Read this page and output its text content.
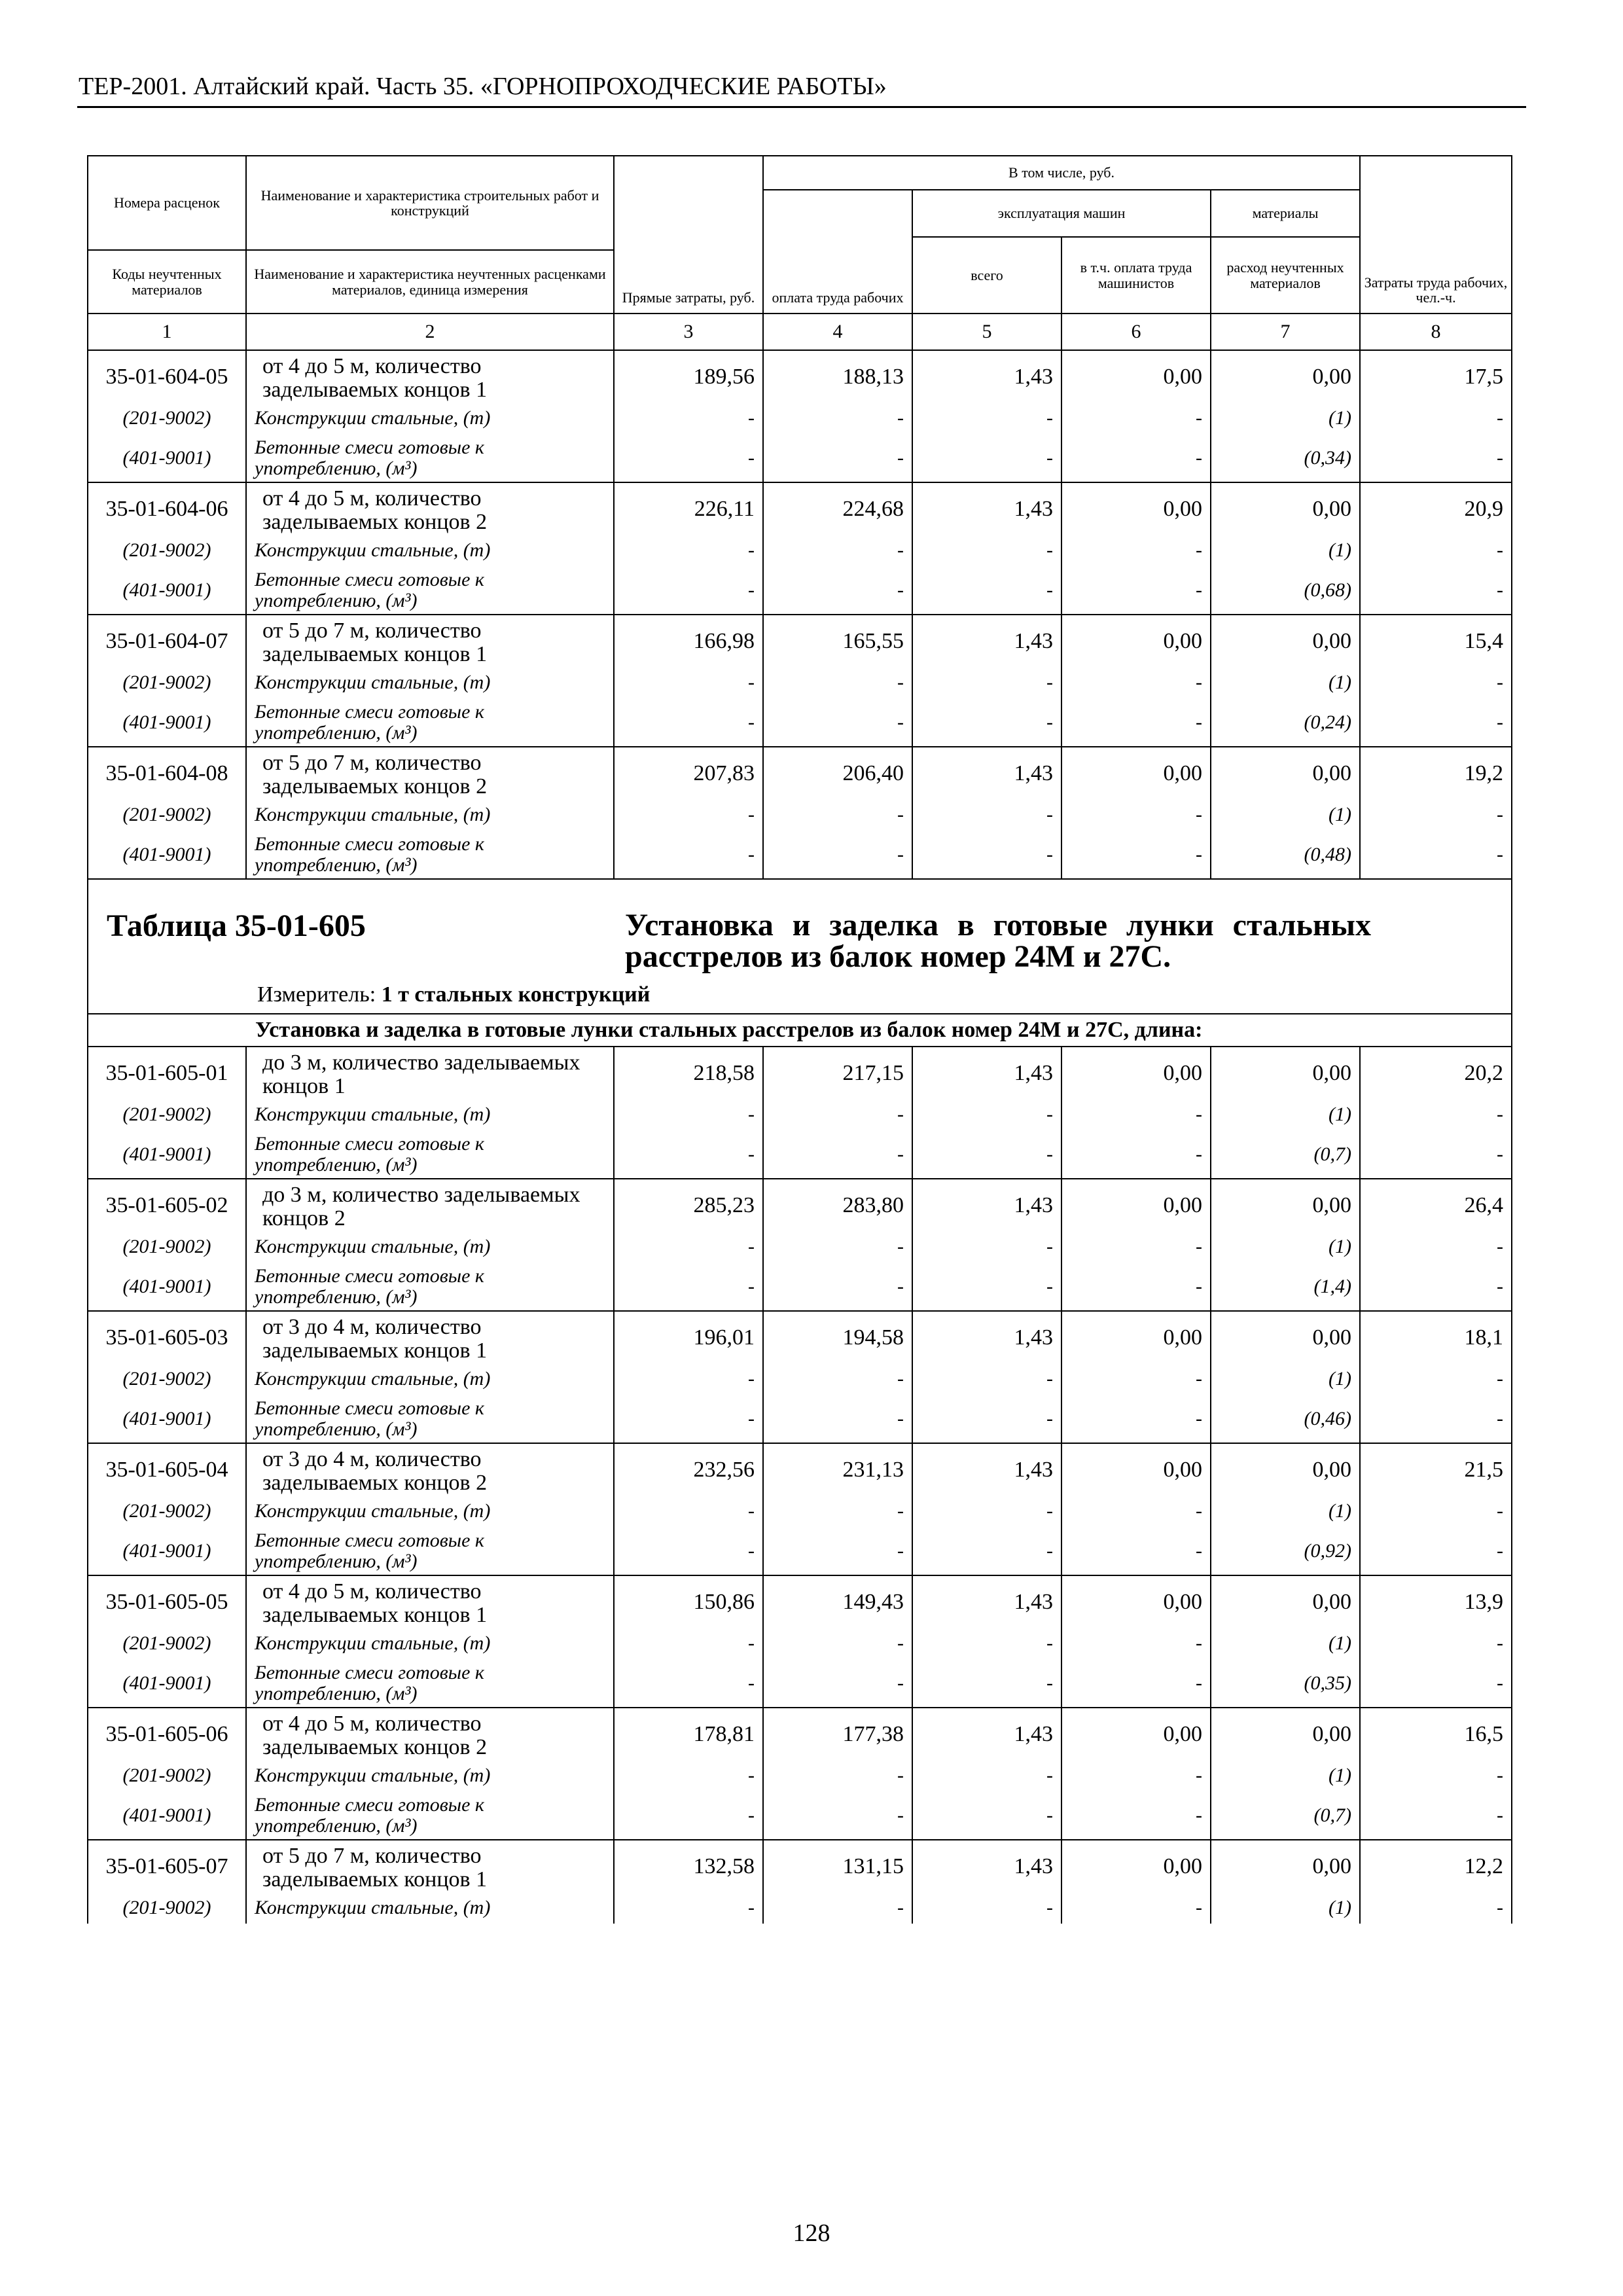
ТЕР-2001. Алтайский край. Часть 35. «ГОРНОПРОХОДЧЕСКИЕ РАБОТЫ»
Номера расценок	Наименование и характеристика строительных работ и конструкций	Прямые затраты, руб.	В том числе, руб.				Затраты труда рабочих, чел.-ч.
			оплата труда рабочих	эксплуатация машин		материалы	
				всего	в т.ч. оплата труда машинистов	расход неучтенных материалов	
Коды неучтенных материалов	Наименование и характеристика неучтенных расценками материалов, единица измерения						
1	2	3	4	5	6	7	8
35-01-604-05	от 4 до 5 м, количество заделываемых концов 1	189,56	188,13	1,43	0,00	0,00	17,5
(201-9002)	Конструкции стальные, (т)	-	-	-	-	(1)	-
(401-9001)	Бетонные смеси готовые к употреблению, (м³)	-	-	-	-	(0,34)	-
35-01-604-06	от 4 до 5 м, количество заделываемых концов 2	226,11	224,68	1,43	0,00	0,00	20,9
(201-9002)	Конструкции стальные, (т)	-	-	-	-	(1)	-
(401-9001)	Бетонные смеси готовые к употреблению, (м³)	-	-	-	-	(0,68)	-
35-01-604-07	от 5 до 7 м, количество заделываемых концов 1	166,98	165,55	1,43	0,00	0,00	15,4
(201-9002)	Конструкции стальные, (т)	-	-	-	-	(1)	-
(401-9001)	Бетонные смеси готовые к употреблению, (м³)	-	-	-	-	(0,24)	-
35-01-604-08	от 5 до 7 м, количество заделываемых концов 2	207,83	206,40	1,43	0,00	0,00	19,2
(201-9002)	Конструкции стальные, (т)	-	-	-	-	(1)	-
(401-9001)	Бетонные смеси готовые к употреблению, (м³)	-	-	-	-	(0,48)	-

Таблица 35-01-605 Установка и заделка в готовые лунки стальных расстрелов из балок номер 24М и 27С.
Измеритель: 1 т стальных конструкций							

	Установка и заделка в готовые лунки стальных расстрелов из балок номер 24М и 27С, длина:						
35-01-605-01	до 3 м, количество заделываемых концов 1	218,58	217,15	1,43	0,00	0,00	20,2
(201-9002)	Конструкции стальные, (т)	-	-	-	-	(1)	-
(401-9001)	Бетонные смеси готовые к употреблению, (м³)	-	-	-	-	(0,7)	-
35-01-605-02	до 3 м, количество заделываемых концов 2	285,23	283,80	1,43	0,00	0,00	26,4
(201-9002)	Конструкции стальные, (т)	-	-	-	-	(1)	-
(401-9001)	Бетонные смеси готовые к употреблению, (м³)	-	-	-	-	(1,4)	-
35-01-605-03	от 3 до 4 м, количество заделываемых концов 1	196,01	194,58	1,43	0,00	0,00	18,1
(201-9002)	Конструкции стальные, (т)	-	-	-	-	(1)	-
(401-9001)	Бетонные смеси готовые к употреблению, (м³)	-	-	-	-	(0,46)	-
35-01-605-04	от 3 до 4 м, количество заделываемых концов 2	232,56	231,13	1,43	0,00	0,00	21,5
(201-9002)	Конструкции стальные, (т)	-	-	-	-	(1)	-
(401-9001)	Бетонные смеси готовые к употреблению, (м³)	-	-	-	-	(0,92)	-
35-01-605-05	от 4 до 5 м, количество заделываемых концов 1	150,86	149,43	1,43	0,00	0,00	13,9
(201-9002)	Конструкции стальные, (т)	-	-	-	-	(1)	-
(401-9001)	Бетонные смеси готовые к употреблению, (м³)	-	-	-	-	(0,35)	-
35-01-605-06	от 4 до 5 м, количество заделываемых концов 2	178,81	177,38	1,43	0,00	0,00	16,5
(201-9002)	Конструкции стальные, (т)	-	-	-	-	(1)	-
(401-9001)	Бетонные смеси готовые к употреблению, (м³)	-	-	-	-	(0,7)	-
35-01-605-07	от 5 до 7 м, количество заделываемых концов 1	132,58	131,15	1,43	0,00	0,00	12,2
(201-9002)	Конструкции стальные, (т)	-	-	-	-	(1)	-
128
